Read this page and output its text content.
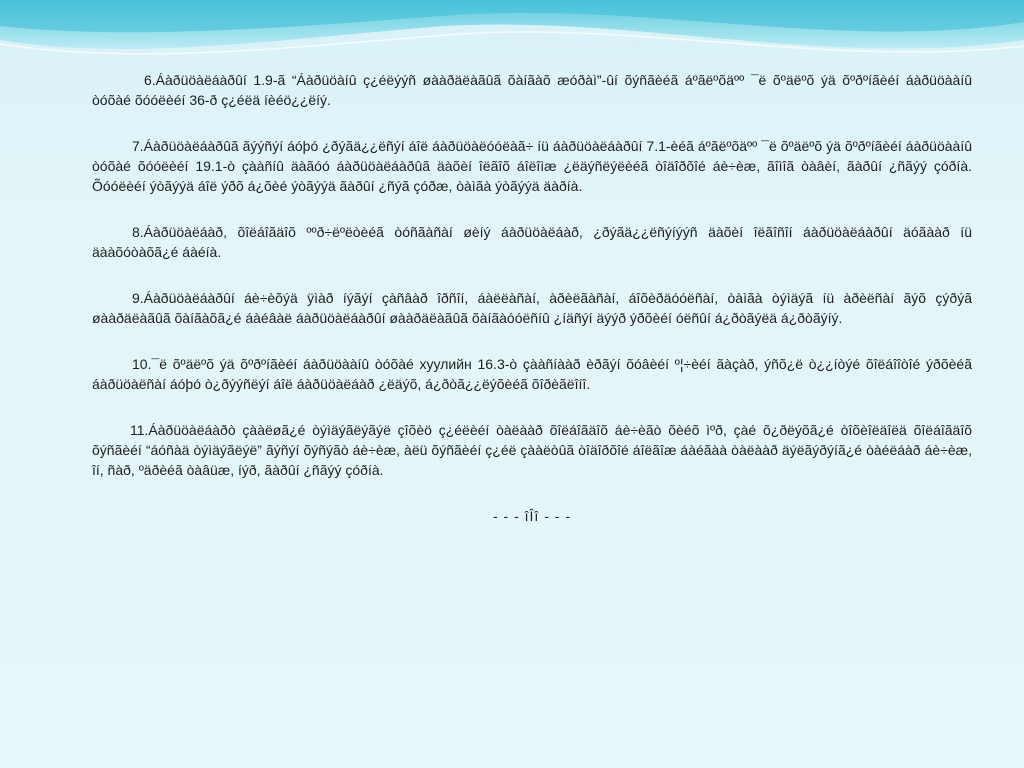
6.Áàðüöàëáàðûí 1.9-ã “Áàðüöàíû ç¿éëýýñ øààðäëàãûã õàíãàõ æóðàì”-ûí õýñãèéã áºãëºõäºº ¯ë õºäëºõ ýä õºðºíãèéí áàðüöààíû òóõàé õóóëèéí 36-ð ç¿éëä íèéö¿¿ëíý.

7.Áàðüöàëáàðûã ãýýñýí áóþó ¿ðýãä¿¿ëñýí áîë áàðüöàëóóëàã÷ íü áàðüöàëáàðûí 7.1-èéã áºãëºõäºº ¯ë õºäëºõ ýä õºðºíãèéí áàðüöààíû òóõàé õóóëèéí 19.1-ò çààñíû äàãóó áàðüöàëáàðûã äàõèí îëãîõ áîëîìæ ¿ëäýñëýëèéã òîäîðõîé áè÷èæ, ãîìîã òàâèí, ãàðûí ¿ñãýý çóðíà. Õóóëèéí ýòãýýä áîë ýðõ á¿õèé ýòãýýä ãàðûí ¿ñýã çóðæ, òàìãà ýòãýýä äàðíà.

8.Áàðüöàëáàð, õîëáîãäîõ ººð÷ëºëòèéã òóñãàñàí øèíý áàðüöàëáàð, ¿ðýãä¿¿ëñýíýýñ äàõèí îëãîñîí áàðüöàëáàðûí äóãààð íü äààõóòàõã¿é áàéíà.

9.Áàðüöàëáàðûí áè÷èõýä ÿìàð íýãýí çàñâàð îðñîí, áàëëàñàí, àðèëãàñàí, áîõèðäóóëñàí, òàìãà òýìäýã íü àðèëñàí ãýõ çýðýã øààðäëàãûã õàíãàõã¿é áàéâàë áàðüöàëáàðûí øààðäëàãûã õàíãàóóëñíû ¿íäñýí äýýð ýðõèéí óëñûí á¿ðòãýëä á¿ðòãýíý.

10.¯ë õºäëºõ ýä õºðºíãèéí áàðüöààíû òóõàé хуулийн 16.3-ò çààñíààð èðãýí õóâèéí º¦÷èéí ãàçàð, ýñõ¿ë ò¿¿íòýé õîëáîîòîé ýðõèéã áàðüöàëñàí áóþó ò¿ðýýñëýí áîë áàðüöàëáàð ¿ëäýõ, á¿ðòã¿¿ëýõèéã õîðèãëîíî.

11.Áàðüöàëáàðò çààëøã¿é òýìäýãëýãýë çîõèö ç¿éëèéí òàëààð õîëáîãäîõ áè÷èãò õèéõ ìºð, çàé õ¿ðëýõã¿é òîõèîëäîëä õîëáîãäîõ õýñãèéí “áóñàä òýìäýãëýë” ãýñýí õýñýãò áè÷èæ, àëü õýñãèéí ç¿éë çààëòûã òîäîðõîé áîëãîæ áàéãàà òàëààð äýëãýðýíã¿é òàéëáàð áè÷èæ, îí, ñàð, ºäðèéã òàâüæ, íýð, ãàðûí ¿ñãýý çóðíà.

- - - îÎî - - -
